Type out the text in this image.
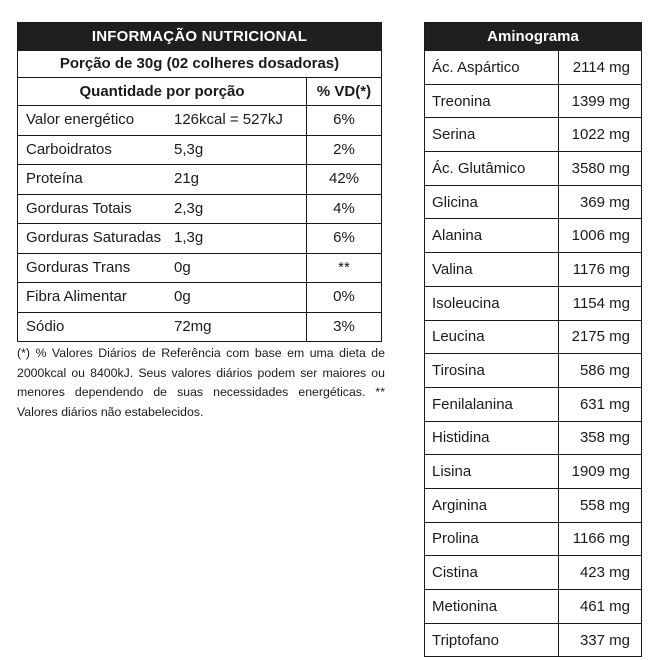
INFORMAÇÃO NUTRICIONAL
Porção de 30g (02 colheres dosadoras)
Quantidade por porção	% VD(*)
Valor energético	126kcal = 527kJ	6%
Carboidratos	5,3g	2%
Proteína	21g	42%
Gorduras Totais	2,3g	4%
Gorduras Saturadas 1,3g	6%
Gorduras Trans	0g	**
Fibra Alimentar	0g	0%
Sódio	72mg	3%
(*) % Valores Diários de Referência com base em uma dieta de 2000kcal ou 8400kJ. Seus valores diários podem ser maiores ou menores dependendo de suas necessidades energéticas. ** Valores diários não estabelecidos.
Aminograma
Ác. Aspártico	2114 mg
Treonina	1399 mg
Serina	1022 mg
Ác. Glutâmico	3580 mg
Glicina	369 mg
Alanina	1006 mg
Valina	1176 mg
Isoleucina	1154 mg
Leucina	2175 mg
Tirosina	586 mg
Fenilalanina	631 mg
Histidina	358 mg
Lisina	1909 mg
Arginina	558 mg
Prolina	1166 mg
Cistina	423 mg
Metionina	461 mg
Triptofano	337 mg
